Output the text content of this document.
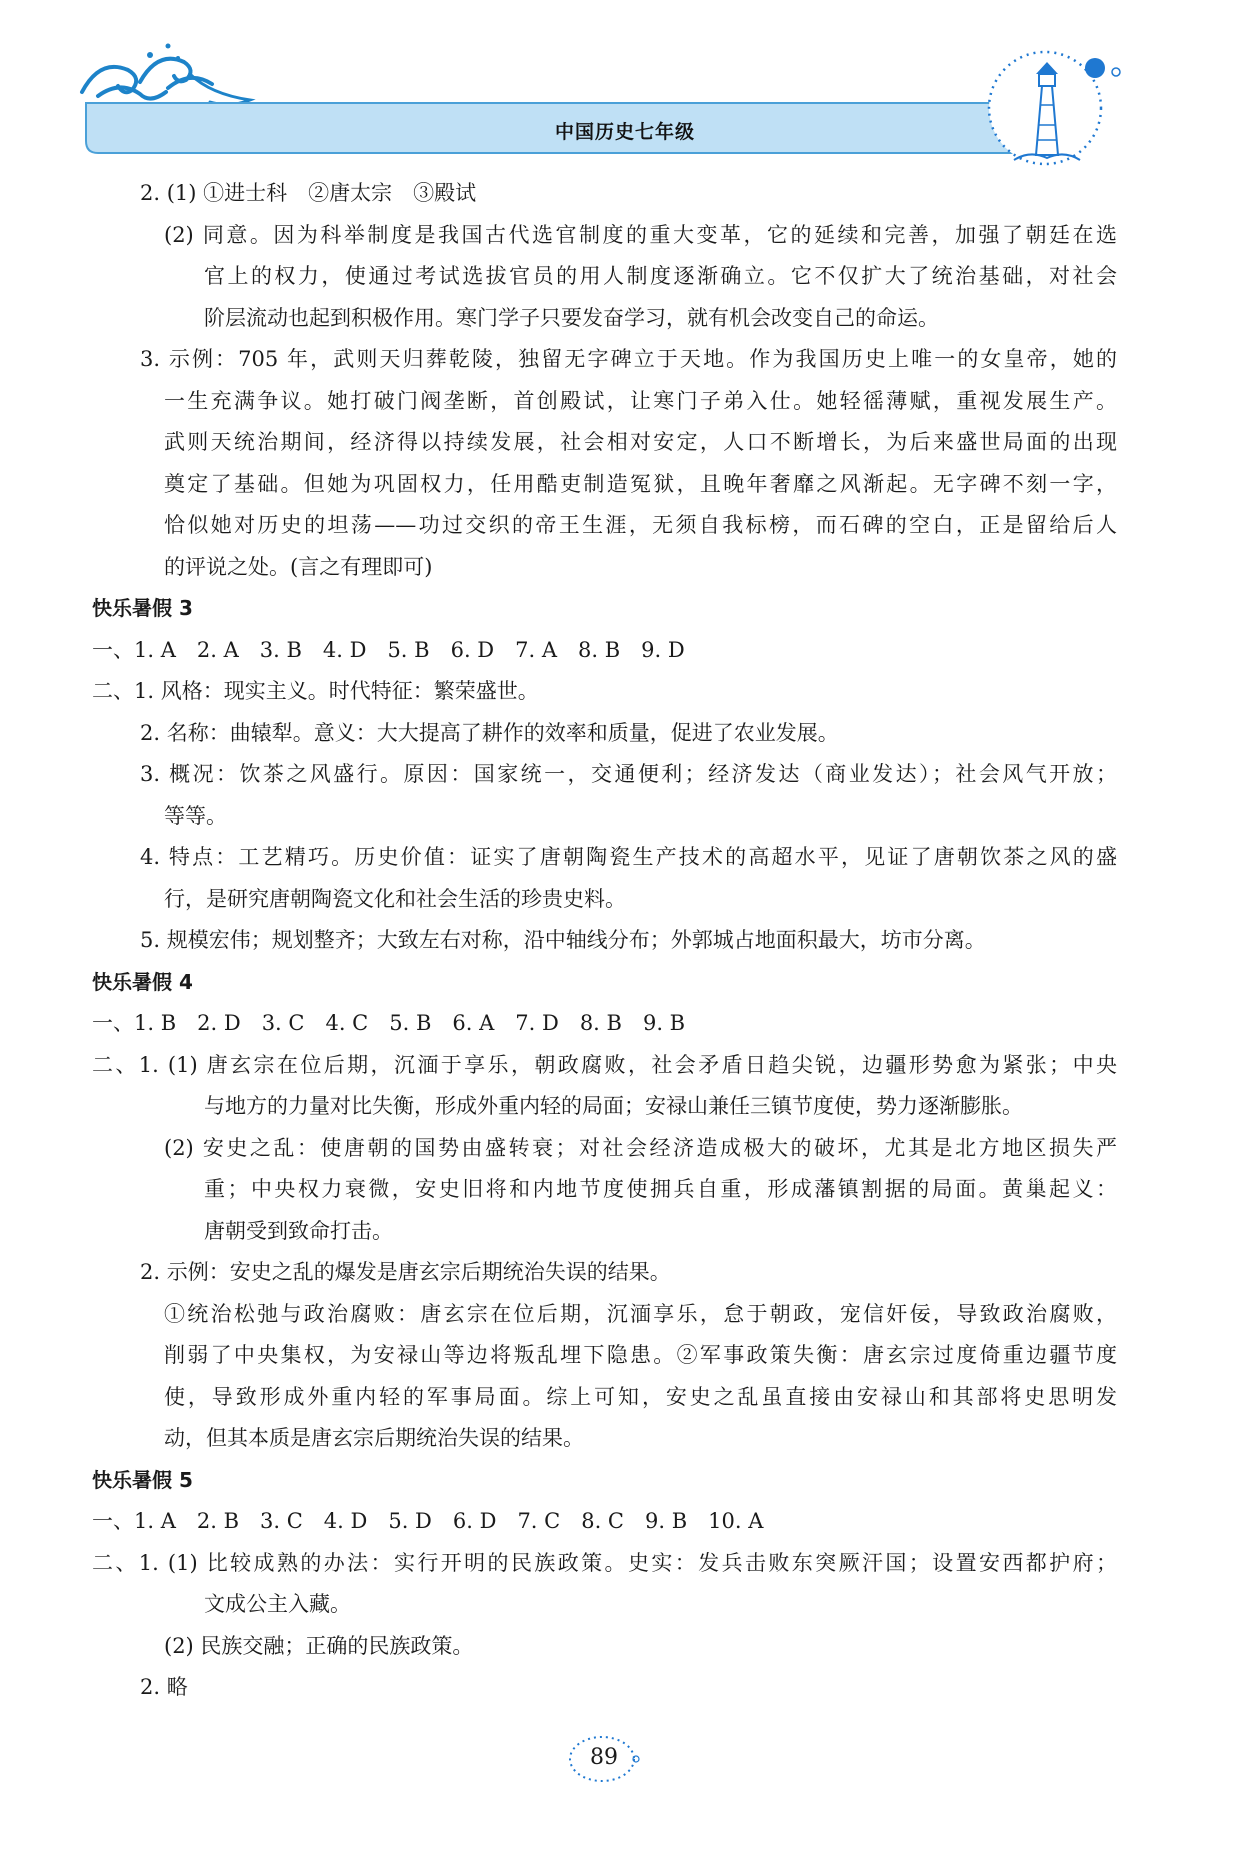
中国历史七年级
2. (1) ①进士科　②唐太宗　③殿试
(2) 同意。因为科举制度是我国古代选官制度的重大变革，它的延续和完善，加强了朝廷在选
官上的权力，使通过考试选拔官员的用人制度逐渐确立。它不仅扩大了统治基础，对社会
阶层流动也起到积极作用。寒门学子只要发奋学习，就有机会改变自己的命运。
3. 示例：705 年，武则天归葬乾陵，独留无字碑立于天地。作为我国历史上唯一的女皇帝，她的
一生充满争议。她打破门阀垄断，首创殿试，让寒门子弟入仕。她轻徭薄赋，重视发展生产。
武则天统治期间，经济得以持续发展，社会相对安定，人口不断增长，为后来盛世局面的出现
奠定了基础。但她为巩固权力，任用酷吏制造冤狱，且晚年奢靡之风渐起。无字碑不刻一字，
恰似她对历史的坦荡——功过交织的帝王生涯，无须自我标榜，而石碑的空白，正是留给后人
的评说之处。(言之有理即可)
快乐暑假 3
一、1. A　2. A　3. B　4. D　5. B　6. D　7. A　8. B　9. D
二、1. 风格：现实主义。时代特征：繁荣盛世。
2. 名称：曲辕犁。意义：大大提高了耕作的效率和质量，促进了农业发展。
3. 概况：饮茶之风盛行。原因：国家统一，交通便利；经济发达（商业发达）；社会风气开放；
等等。
4. 特点：工艺精巧。历史价值：证实了唐朝陶瓷生产技术的高超水平，见证了唐朝饮茶之风的盛
行，是研究唐朝陶瓷文化和社会生活的珍贵史料。
5. 规模宏伟；规划整齐；大致左右对称，沿中轴线分布；外郭城占地面积最大，坊市分离。
快乐暑假 4
一、1. B　2. D　3. C　4. C　5. B　6. A　7. D　8. B　9. B
二、1. (1) 唐玄宗在位后期，沉湎于享乐，朝政腐败，社会矛盾日趋尖锐，边疆形势愈为紧张；中央
与地方的力量对比失衡，形成外重内轻的局面；安禄山兼任三镇节度使，势力逐渐膨胀。
(2) 安史之乱：使唐朝的国势由盛转衰；对社会经济造成极大的破坏，尤其是北方地区损失严
重；中央权力衰微，安史旧将和内地节度使拥兵自重，形成藩镇割据的局面。黄巢起义：
唐朝受到致命打击。
2. 示例：安史之乱的爆发是唐玄宗后期统治失误的结果。
①统治松弛与政治腐败：唐玄宗在位后期，沉湎享乐，怠于朝政，宠信奸佞，导致政治腐败，
削弱了中央集权，为安禄山等边将叛乱埋下隐患。②军事政策失衡：唐玄宗过度倚重边疆节度
使，导致形成外重内轻的军事局面。综上可知，安史之乱虽直接由安禄山和其部将史思明发
动，但其本质是唐玄宗后期统治失误的结果。
快乐暑假 5
一、1. A　2. B　3. C　4. D　5. D　6. D　7. C　8. C　9. B　10. A
二、1. (1) 比较成熟的办法：实行开明的民族政策。史实：发兵击败东突厥汗国；设置安西都护府；
文成公主入藏。
(2) 民族交融；正确的民族政策。
2. 略
89
